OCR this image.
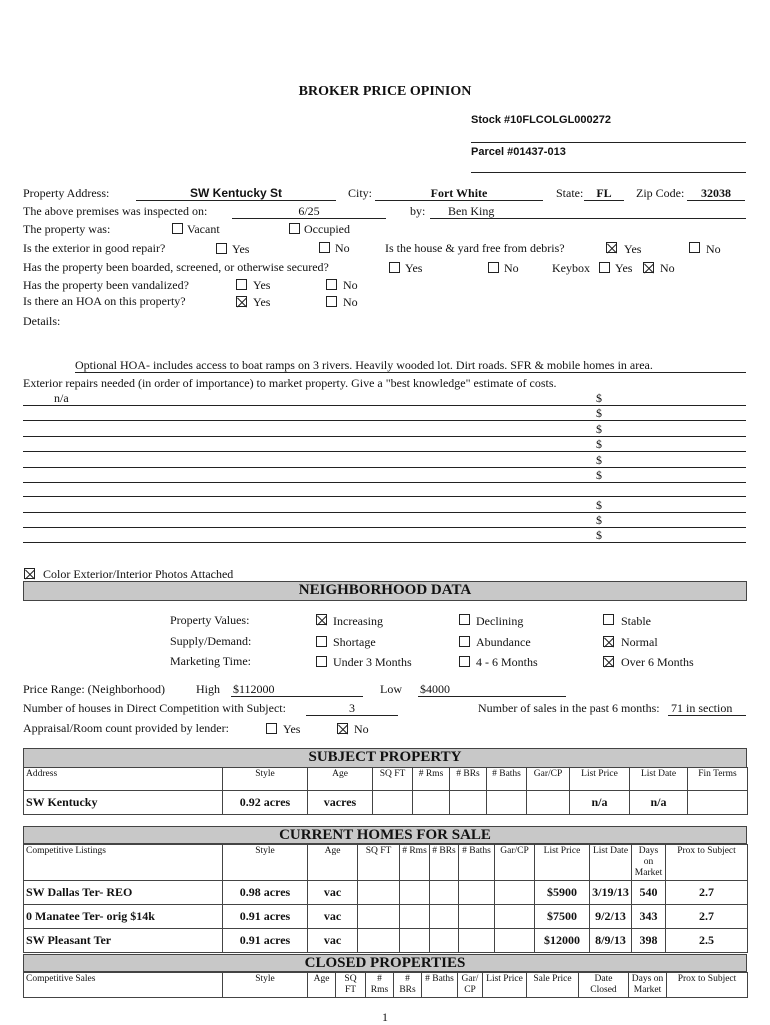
BROKER PRICE OPINION
Stock #10FLCOLGL000272
Parcel #01437-013
Property Address:	SW Kentucky St	City:	Fort White	State:	FL	Zip Code:	32038
The above premises was inspected on:	6/25	by: Ben King
The property was:	Vacant	Occupied
Is the exterior in good repair?	Yes	No	Is the house & yard free from debris?	Yes	No
Has the property been boarded, screened, or otherwise secured?	Yes	No	Keybox Yes No
Has the property been vandalized?	Yes	No
Is there an HOA on this property?	Yes	No
Details:
Optional HOA- includes access to boat ramps on 3 rivers. Heavily wooded lot. Dirt roads. SFR & mobile homes in area.
Exterior repairs needed (in order of importance) to market property. Give a "best knowledge" estimate of costs.
n/a	$
$
$
$
$
$
$
$
$
Color Exterior/Interior Photos Attached
NEIGHBORHOOD DATA
Property Values:	Increasing	Declining	Stable
Supply/Demand:	Shortage	Abundance	Normal
Marketing Time:	Under 3 Months	4 - 6 Months	Over 6 Months
Price Range: (Neighborhood)	High $112000	Low $4000
Number of houses in Direct Competition with Subject:	3	Number of sales in the past 6 months: 71 in section
Appraisal/Room count provided by lender:	Yes	No
SUBJECT PROPERTY
Address	Style	Age	SQ FT	# Rms	# BRs	# Baths	Gar/CP	List Price	List Date	Fin Terms
SW Kentucky	0.92 acres	vacres						n/a	n/a	
CURRENT HOMES FOR SALE
Competitive Listings	Style	Age	SQ FT	# Rms	# BRs	# Baths	Gar/CP	List Price	List Date	Days on Market	Prox to Subject
SW Dallas Ter- REO	0.98 acres	vac						$5900	3/19/13	540	2.7
0 Manatee Ter- orig $14k	0.91 acres	vac						$7500	9/2/13	343	2.7
SW Pleasant Ter	0.91 acres	vac						$12000	8/9/13	398	2.5
CLOSED PROPERTIES
Competitive Sales	Style	Age	SQ FT	# Rms	# BRs	# Baths	Gar/ CP	List Price	Sale Price	Date Closed	Days on Market	Prox to Subject
1
